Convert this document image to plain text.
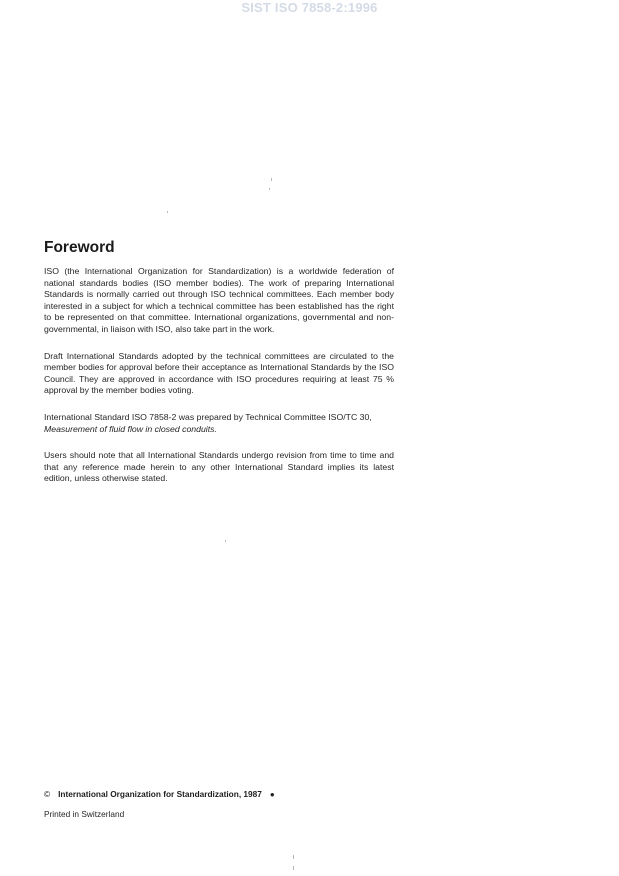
SIST ISO 7858-2:1996
Foreword

ISO (the International Organization for Standardization) is a worldwide federation of national standards bodies (ISO member bodies). The work of preparing International Standards is normally carried out through ISO technical committees. Each member body interested in a subject for which a technical committee has been established has the right to be represented on that committee. International organizations, governmental and non-governmental, in liaison with ISO, also take part in the work.

Draft International Standards adopted by the technical committees are circulated to the member bodies for approval before their acceptance as International Standards by the ISO Council. They are approved in accordance with ISO procedures requiring at least 75 % approval by the member bodies voting.

International Standard ISO 7858-2 was prepared by Technical Committee ISO/TC 30,
Measurement of fluid flow in closed conduits.

Users should note that all International Standards undergo revision from time to time and that any reference made herein to any other International Standard implies its latest edition, unless otherwise stated.

© International Organization for Standardization, 1987 ●
Printed in Switzerland
